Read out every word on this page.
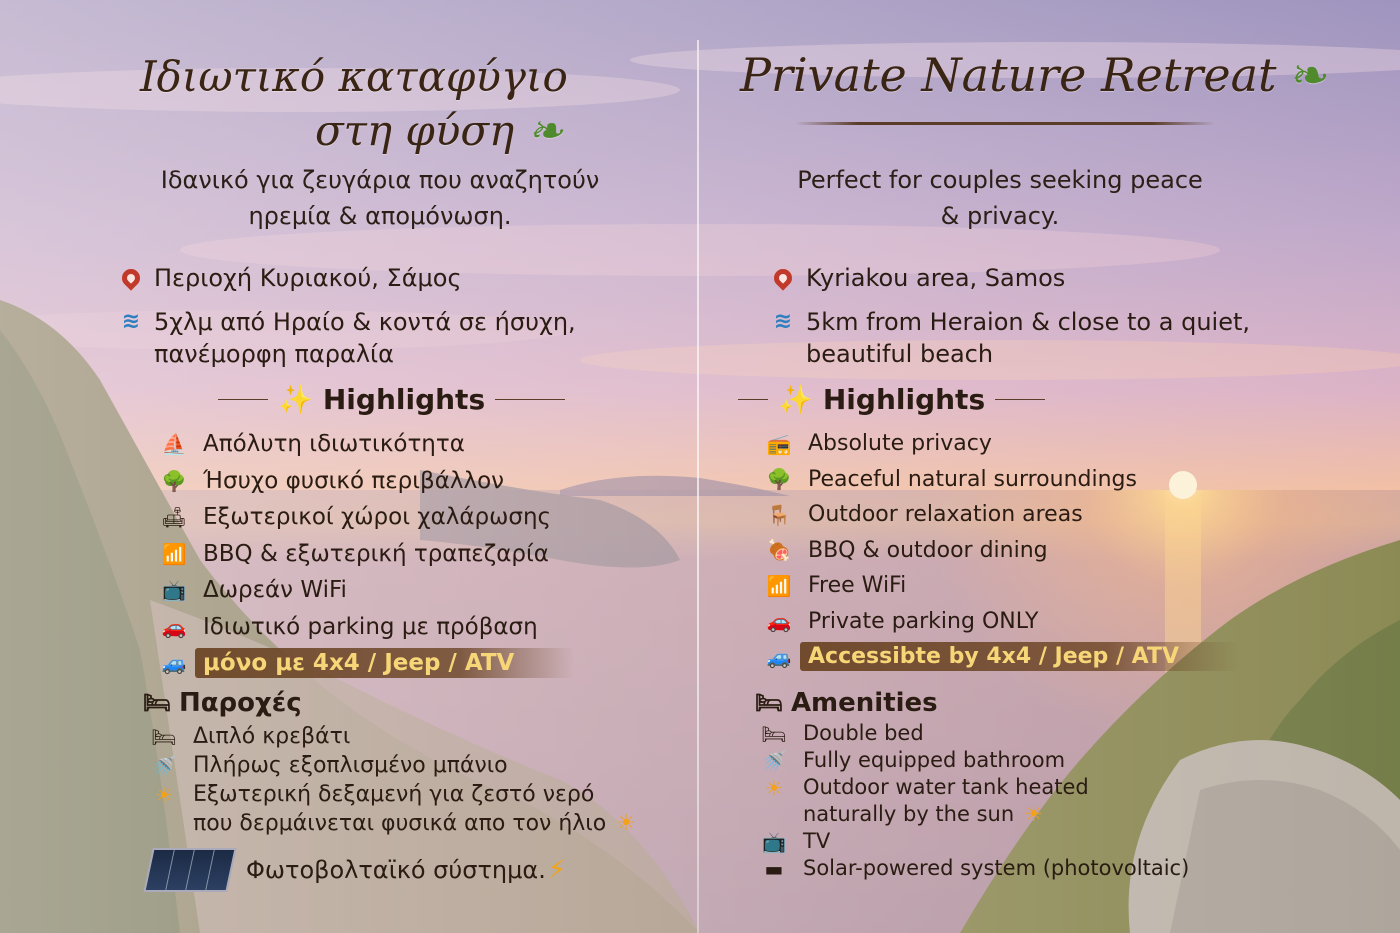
Ιδιωτικό καταφύγιο
στη φύση ❧
Ιδανικό για ζευγάρια που αναζητούν
ηρεμία & απομόνωση.
Περιοχή Κυριακού, Σάμος
≋ 5χλμ από Ηραίο & κοντά σε ήσυχη,
πανέμορφη παραλία
✨ Highlights
⛵ Απόλυτη ιδιωτικότητα
🌳 Ήσυχο φυσικό περιβάλλον
🛋 Εξωτερικοί χώροι χαλάρωσης
📶 BBQ & εξωτερική τραπεζαρία
📺 Δωρεάν WiFi
🚗 Ιδιωτικό parking με πρόβαση
🚙 μόνο με 4x4 / Jeep / ATV
🛏 Παροχές
🛏 Διπλό κρεβάτι
🚿 Πλήρως εξοπλισμένο μπάνιο
☀ Εξωτερική δεξαμενή για ζεστό νερό
που δερμάινεται φυσικά απο τον ήλιο ☀
Φωτοβολταϊκό σύστημα. ⚡
Private Nature Retreat ❧
Perfect for couples seeking peace
& privacy.
Kyriakou area, Samos
≋ 5km from Heraion & close to a quiet,
beautiful beach
✨ Highlights
📻 Absolute privacy
🌳 Peaceful natural surroundings
🪑 Outdoor relaxation areas
🍖 BBQ & outdoor dining
📶 Free WiFi
🚗 Private parking ONLY
🚙 Accessibte by 4x4 / Jeep / ATV
🛏 Amenities
🛏 Double bed
🚿 Fully equipped bathroom
☀ Outdoor water tank heated
naturally by the sun ☀
📺 TV
▬ Solar-powered system (photovoltaic)
